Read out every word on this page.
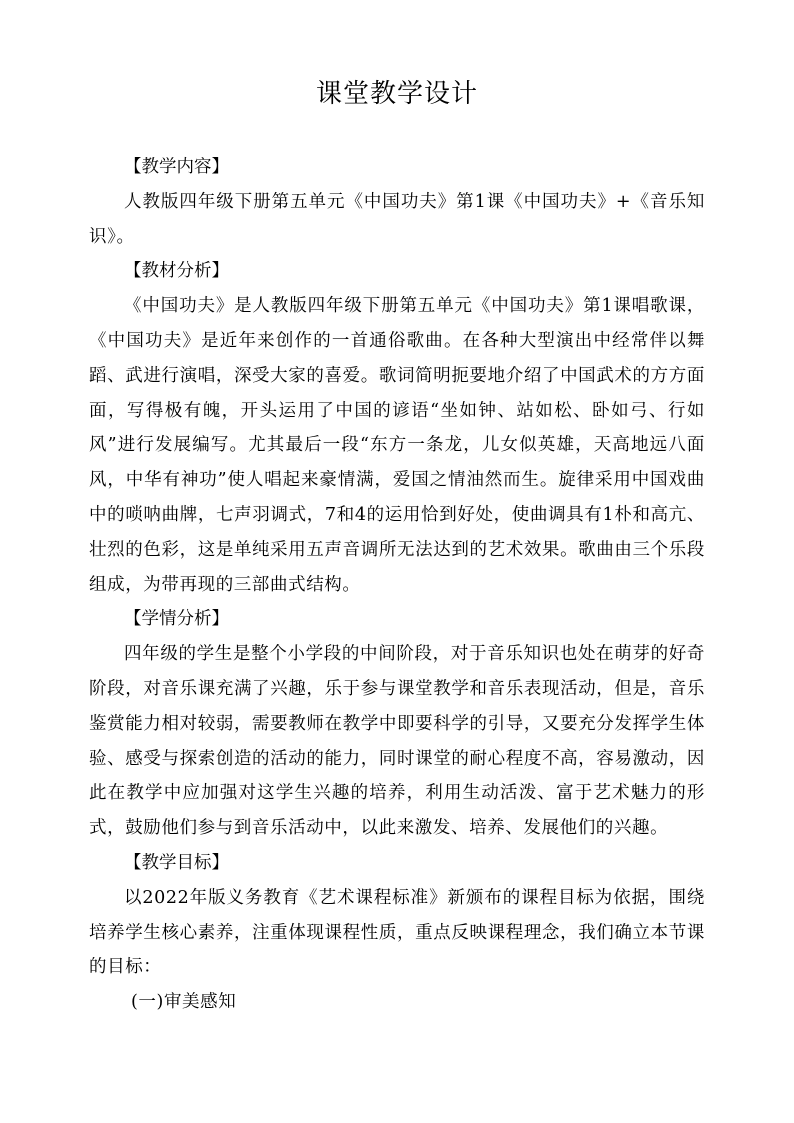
课堂教学设计

【教学内容】

人教版四年级下册第五单元《中国功夫》第1课《中国功夫》+《音乐知识》。

【教材分析】

《中国功夫》是人教版四年级下册第五单元《中国功夫》第1课唱歌课，《中国功夫》是近年来创作的一首通俗歌曲。在各种大型演出中经常伴以舞蹈、武进行演唱，深受大家的喜爱。歌词简明扼要地介绍了中国武术的方方面面，写得极有魄，开头运用了中国的谚语“坐如钟、站如松、卧如弓、行如风”进行发展编写。尤其最后一段“东方一条龙，儿女似英雄，天高地远八面风，中华有神功”使人唱起来豪情满，爱国之情油然而生。旋律采用中国戏曲中的唢呐曲牌，七声羽调式，7和4的运用恰到好处，使曲调具有1朴和高亢、壮烈的色彩，这是单纯采用五声音调所无法达到的艺术效果。歌曲由三个乐段组成，为带再现的三部曲式结构。

【学情分析】

四年级的学生是整个小学段的中间阶段，对于音乐知识也处在萌芽的好奇阶段，对音乐课充满了兴趣，乐于参与课堂教学和音乐表现活动，但是，音乐鉴赏能力相对较弱，需要教师在教学中即要科学的引导，又要充分发挥学生体验、感受与探索创造的活动的能力，同时课堂的耐心程度不高，容易激动，因此在教学中应加强对这学生兴趣的培养，利用生动活泼、富于艺术魅力的形式，鼓励他们参与到音乐活动中，以此来激发、培养、发展他们的兴趣。

【教学目标】

以2022年版义务教育《艺术课程标准》新颁布的课程目标为依据，围绕培养学生核心素养，注重体现课程性质，重点反映课程理念，我们确立本节课的目标：

(一)审美感知
